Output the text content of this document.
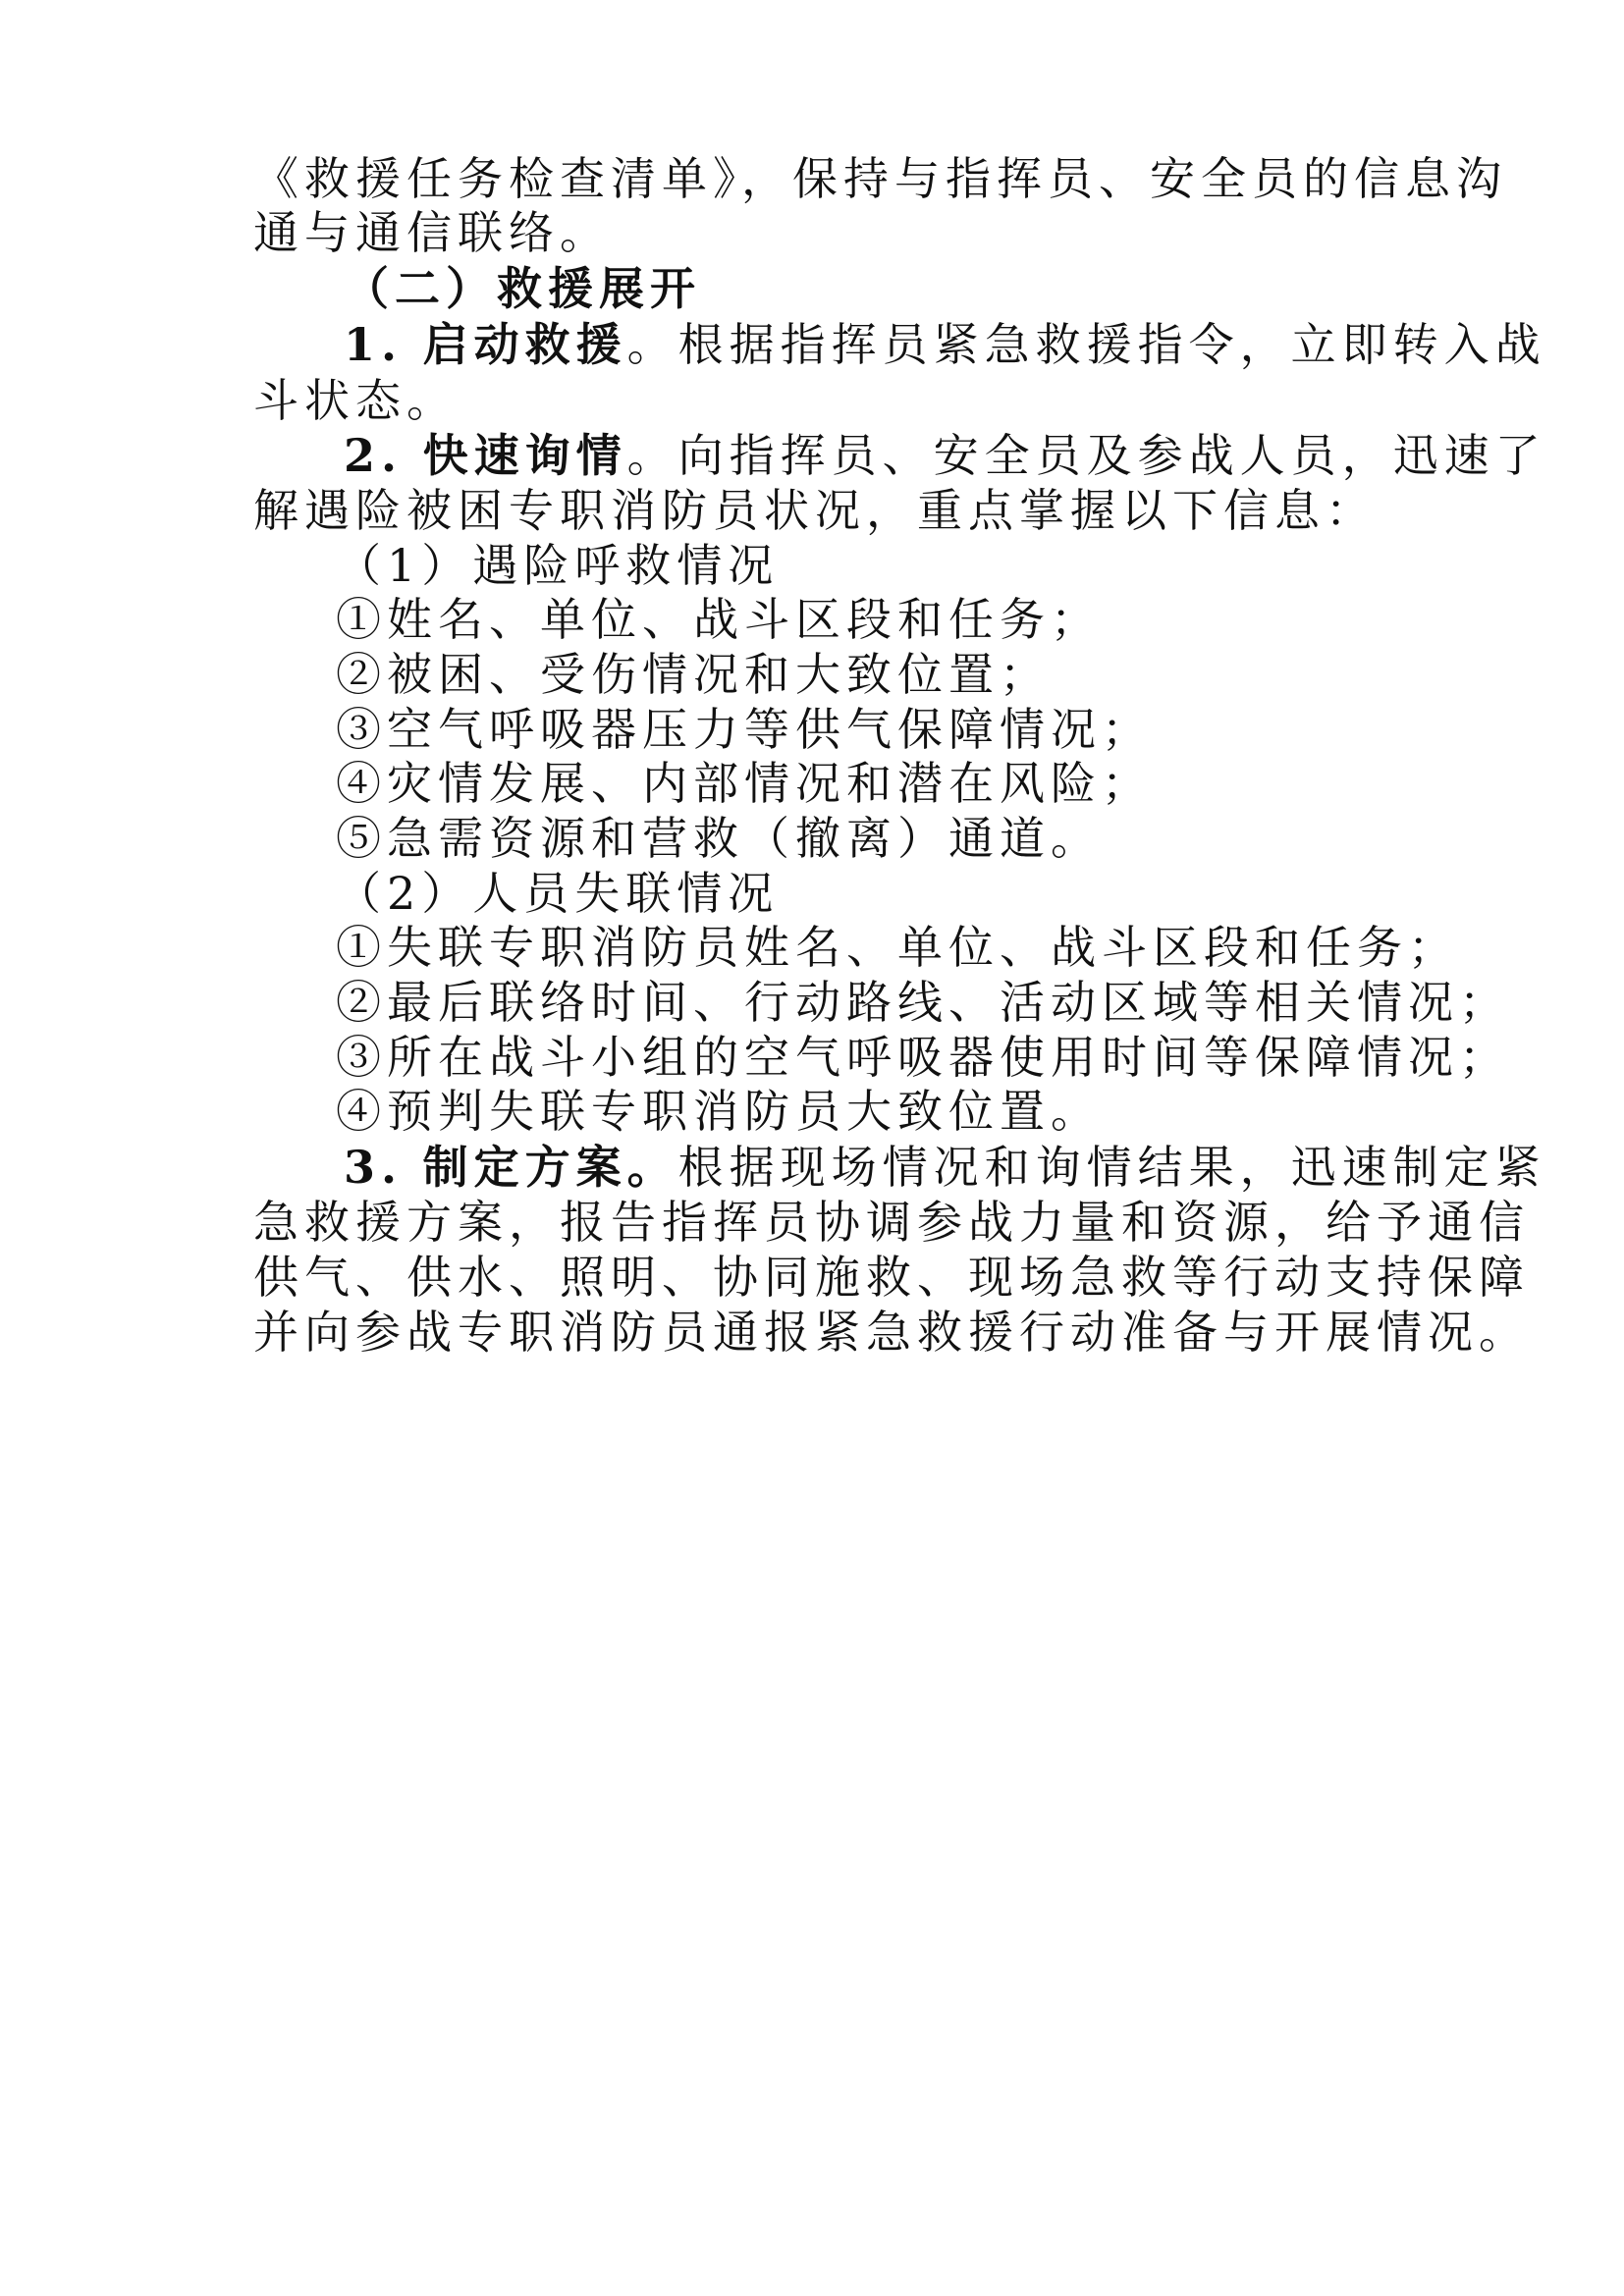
《救援任务检查清单》，保持与指挥员、安全员的信息沟
通与通信联络。
（二）救援展开
1. 启动救援。根据指挥员紧急救援指令，立即转入战
斗状态。
2. 快速询情。向指挥员、安全员及参战人员，迅速了
解遇险被困专职消防员状况，重点掌握以下信息：
（1）遇险呼救情况
①姓名、单位、战斗区段和任务；
②被困、受伤情况和大致位置；
③空气呼吸器压力等供气保障情况；
④灾情发展、内部情况和潜在风险；
⑤急需资源和营救（撤离）通道。
（2）人员失联情况
①失联专职消防员姓名、单位、战斗区段和任务；
②最后联络时间、行动路线、活动区域等相关情况；
③所在战斗小组的空气呼吸器使用时间等保障情况；
④预判失联专职消防员大致位置。
3. 制定方案。根据现场情况和询情结果，迅速制定紧
急救援方案，报告指挥员协调参战力量和资源，给予通信
供气、供水、照明、协同施救、现场急救等行动支持保障
并向参战专职消防员通报紧急救援行动准备与开展情况。
